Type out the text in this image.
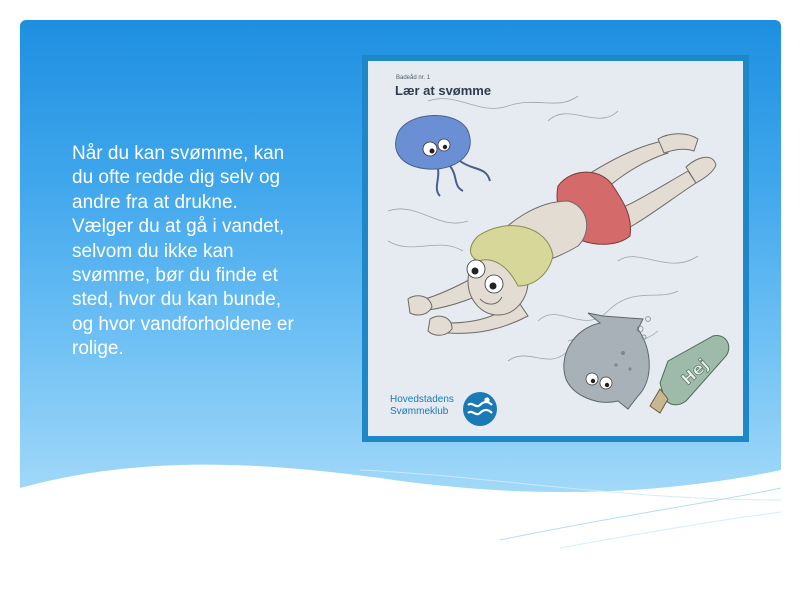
Når du kan svømme, kan
du ofte redde dig selv og
andre fra at drukne.
Vælger du at gå i vandet,
selvom du ikke kan
svømme, bør du finde et
sted, hvor du kan bunde,
og hvor vandforholdene er
rolige.
Hej
Badeåd nr. 1
Lær at svømme
Hovedstadens
Svømmeklub
